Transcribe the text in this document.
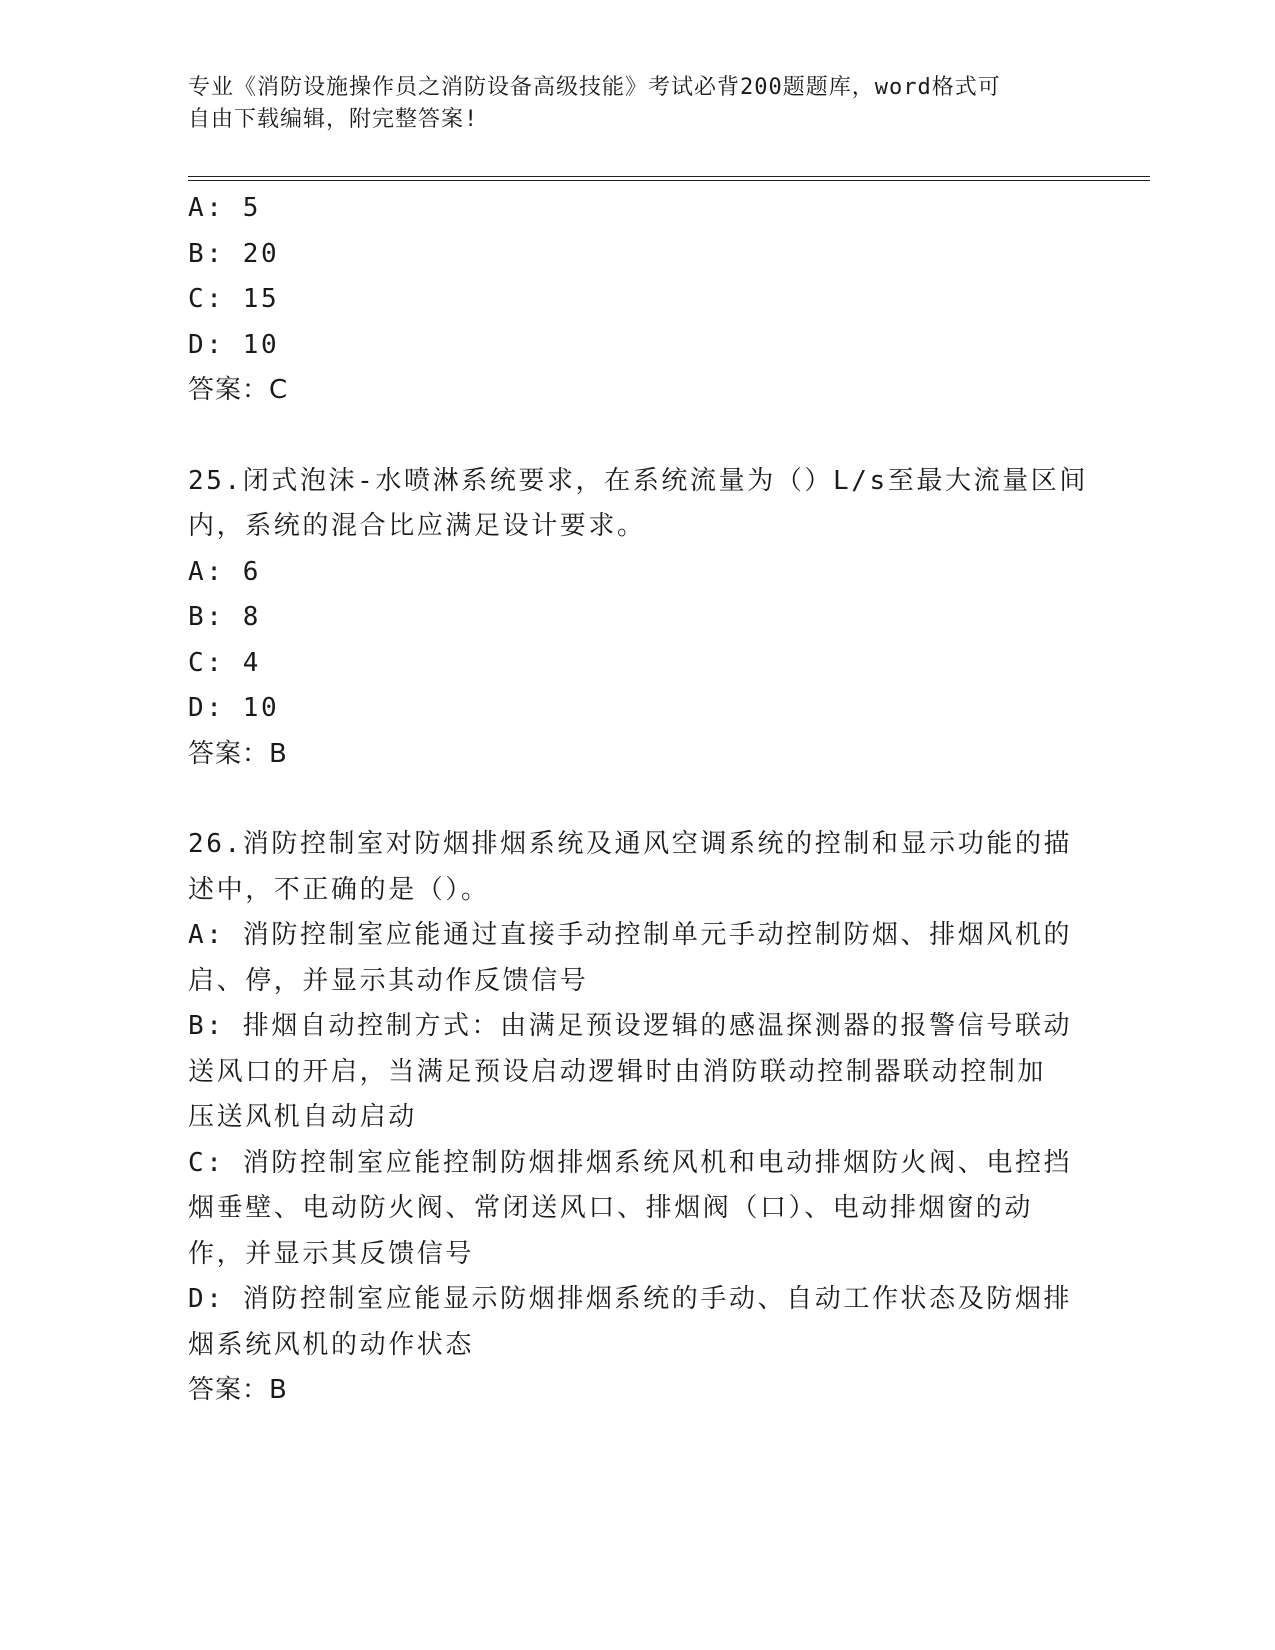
专业《消防设施操作员之消防设备高级技能》考试必背200题题库，word格式可
自由下载编辑，附完整答案!
A: 5
B: 20
C: 15
D: 10
答案：C
25.闭式泡沫-水喷淋系统要求，在系统流量为（）L/s至最大流量区间
内，系统的混合比应满足设计要求。
A: 6
B: 8
C: 4
D: 10
答案：B
26.消防控制室对防烟排烟系统及通风空调系统的控制和显示功能的描
述中，不正确的是（）。
A: 消防控制室应能通过直接手动控制单元手动控制防烟、排烟风机的
启、停，并显示其动作反馈信号
B: 排烟自动控制方式：由满足预设逻辑的感温探测器的报警信号联动
送风口的开启，当满足预设启动逻辑时由消防联动控制器联动控制加
压送风机自动启动
C: 消防控制室应能控制防烟排烟系统风机和电动排烟防火阀、电控挡
烟垂壁、电动防火阀、常闭送风口、排烟阀（口）、电动排烟窗的动
作，并显示其反馈信号
D: 消防控制室应能显示防烟排烟系统的手动、自动工作状态及防烟排
烟系统风机的动作状态
答案：B
